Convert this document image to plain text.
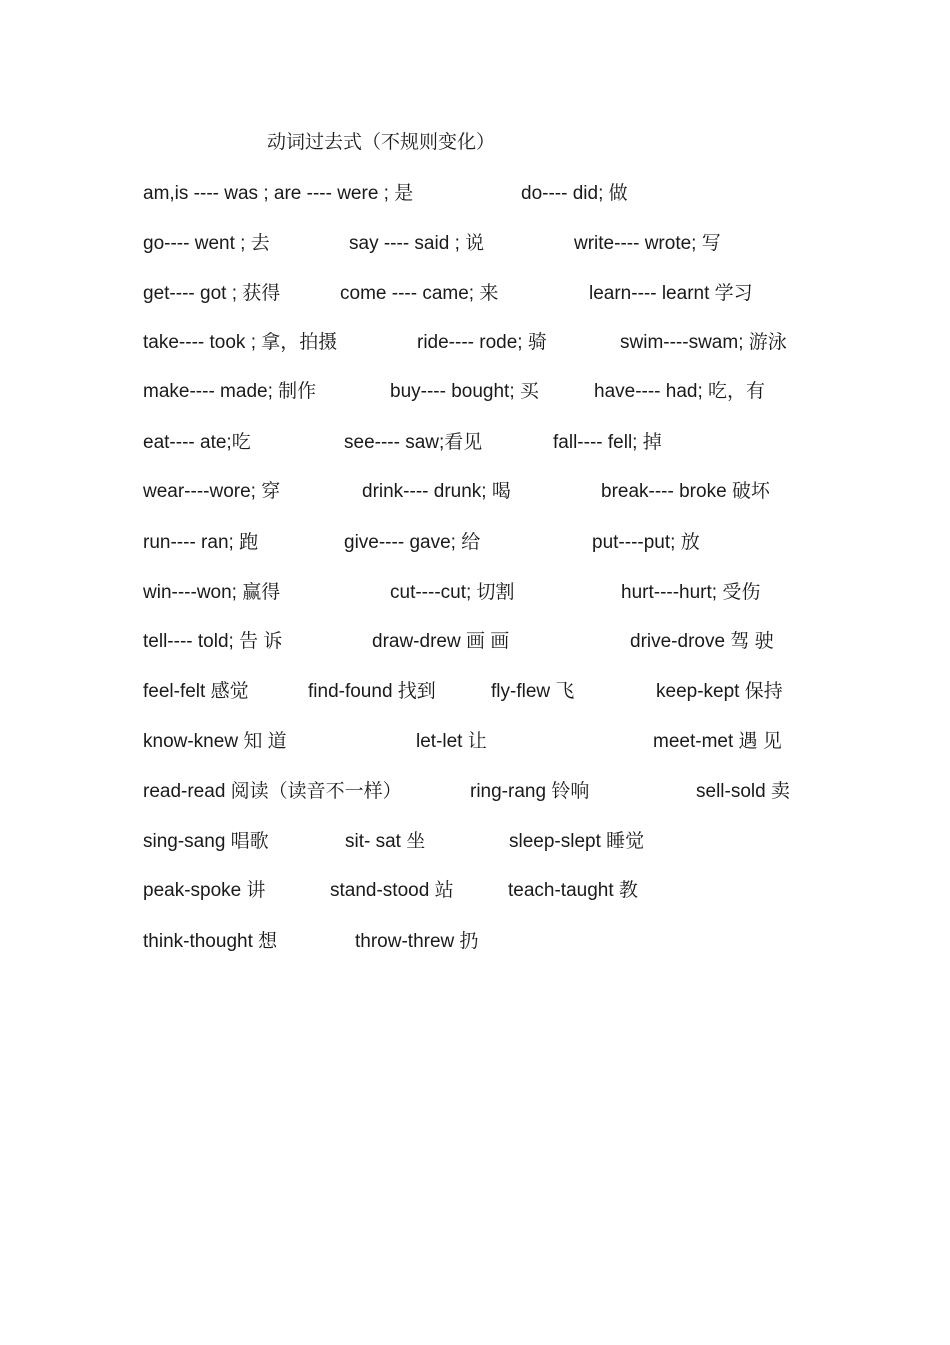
动词过去式（不规则变化）
am,is ---- was ; are ---- were ; 是	do---- did; 做
go---- went ; 去	say ---- said ; 说	write---- wrote; 写
get---- got ; 获得	come ---- came; 来	learn---- learnt 学习
take---- took ; 拿，拍摄	ride---- rode; 骑	swim----swam; 游泳
make---- made; 制作	buy---- bought; 买	have---- had; 吃，有
eat---- ate;吃	see---- saw;看见	fall---- fell; 掉
wear----wore; 穿	drink---- drunk; 喝	break---- broke 破坏
run---- ran; 跑	give---- gave; 给	put----put; 放
win----won; 赢得	cut----cut; 切割	hurt----hurt; 受伤
tell---- told; 告 诉	draw-drew 画 画	drive-drove 驾 驶
feel-felt 感觉	find-found 找到	fly-flew 飞	keep-kept 保持
know-knew 知 道	let-let 让	meet-met 遇 见
read-read 阅读（读音不一样）	ring-rang 铃响	sell-sold 卖
sing-sang 唱歌	sit- sat 坐	sleep-slept 睡觉
peak-spoke 讲	stand-stood 站	teach-taught 教
think-thought 想	throw-threw 扔
